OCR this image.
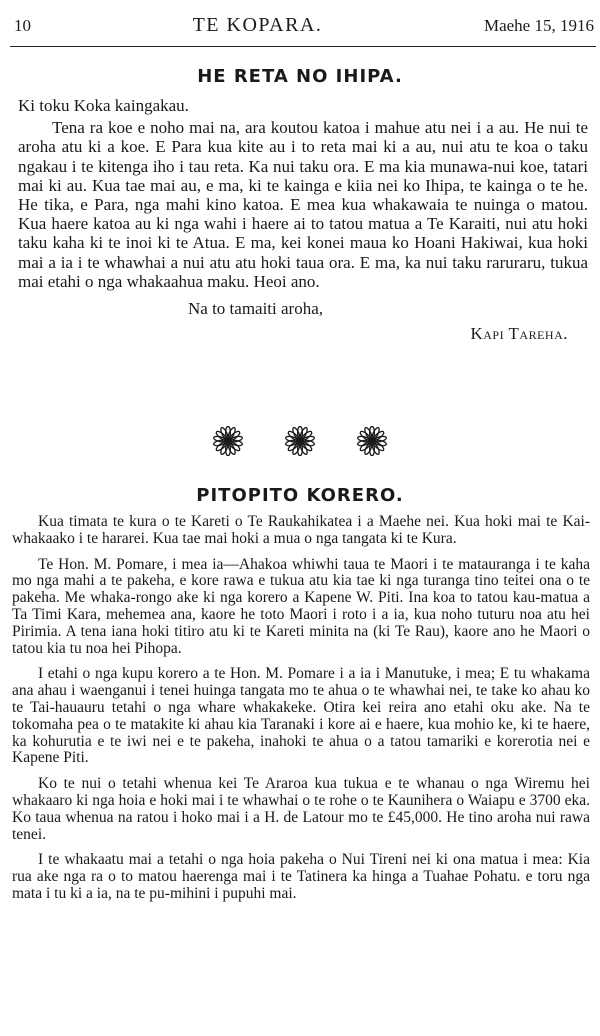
10	TE KOPARA.	Maehe 15, 1916
HE RETA NO IHIPA.

Ki toku Koka kaingakau.

Tena ra koe e noho mai na, ara koutou katoa i mahue atu nei i a au. He nui te aroha atu ki a koe. E Para kua kite au i to reta mai ki a au, nui atu te koa o taku ngakau i te kitenga iho i tau reta. Ka nui taku ora. E ma kia munawa-nui koe, tatari mai ki au. Kua tae mai au, e ma, ki te kainga e kiia nei ko Ihipa, te kainga o te he. He tika, e Para, nga mahi kino katoa. E mea kua whakawaia te nuinga o matou. Kua haere katoa au ki nga wahi i haere ai to tatou matua a Te Karaiti, nui atu hoki taku kaha ki te inoi ki te Atua. E ma, kei konei maua ko Hoani Hakiwai, kua hoki mai a ia i te whawhai a nui atu atu hoki taua ora. E ma, ka nui taku raruraru, tukua mai etahi o nga whakaahua maku. Heoi ano.

Na to tamaiti aroha,

Kapi Tareha.

PITOPITO KORERO.

Kua timata te kura o te Kareti o Te Raukahikatea i a Maehe nei. Kua hoki mai te Kai-whakaako i te hararei. Kua tae mai hoki a mua o nga tangata ki te Kura.

Te Hon. M. Pomare, i mea ia—Ahakoa whiwhi taua te Maori i te matauranga i te kaha mo nga mahi a te pakeha, e kore rawa e tukua atu kia tae ki nga turanga tino teitei ona o te pakeha. Me whaka-rongo ake ki nga korero a Kapene W. Piti. Ina koa to tatou kau-matua a Ta Timi Kara, mehemea ana, kaore he toto Maori i roto i a ia, kua noho tuturu noa atu hei Pirimia. A tena iana hoki titiro atu ki te Kareti minita na (ki Te Rau), kaore ano he Maori o tatou kia tu noa hei Pihopa.

I etahi o nga kupu korero a te Hon. M. Pomare i a ia i Manutuke, i mea; E tu whakama ana ahau i waenganui i tenei huinga tangata mo te ahua o te whawhai nei, te take ko ahau ko te Tai-hauauru tetahi o nga whare whakakeke. Otira kei reira ano etahi oku ake. Na te tokomaha pea o te matakite ki ahau kia Taranaki i kore ai e haere, kua mohio ke, ki te haere, ka kohurutia e te iwi nei e te pakeha, inahoki te ahua o a tatou tamariki e korerotia nei e Kapene Piti.

Ko te nui o tetahi whenua kei Te Araroa kua tukua e te whanau o nga Wiremu hei whakaaro ki nga hoia e hoki mai i te whawhai o te rohe o te Kaunihera o Waiapu e 3700 eka. Ko taua whenua na ratou i hoko mai i a H. de Latour mo te £45,000. He tino aroha nui rawa tenei.

I te whakaatu mai a tetahi o nga hoia pakeha o Nui Tireni nei ki ona matua i mea: Kia rua ake nga ra o to matou haerenga mai i te Tatinera ka hinga a Tuahae Pohatu. e toru nga mata i tu ki a ia, na te pu-mihini i pupuhi mai.
